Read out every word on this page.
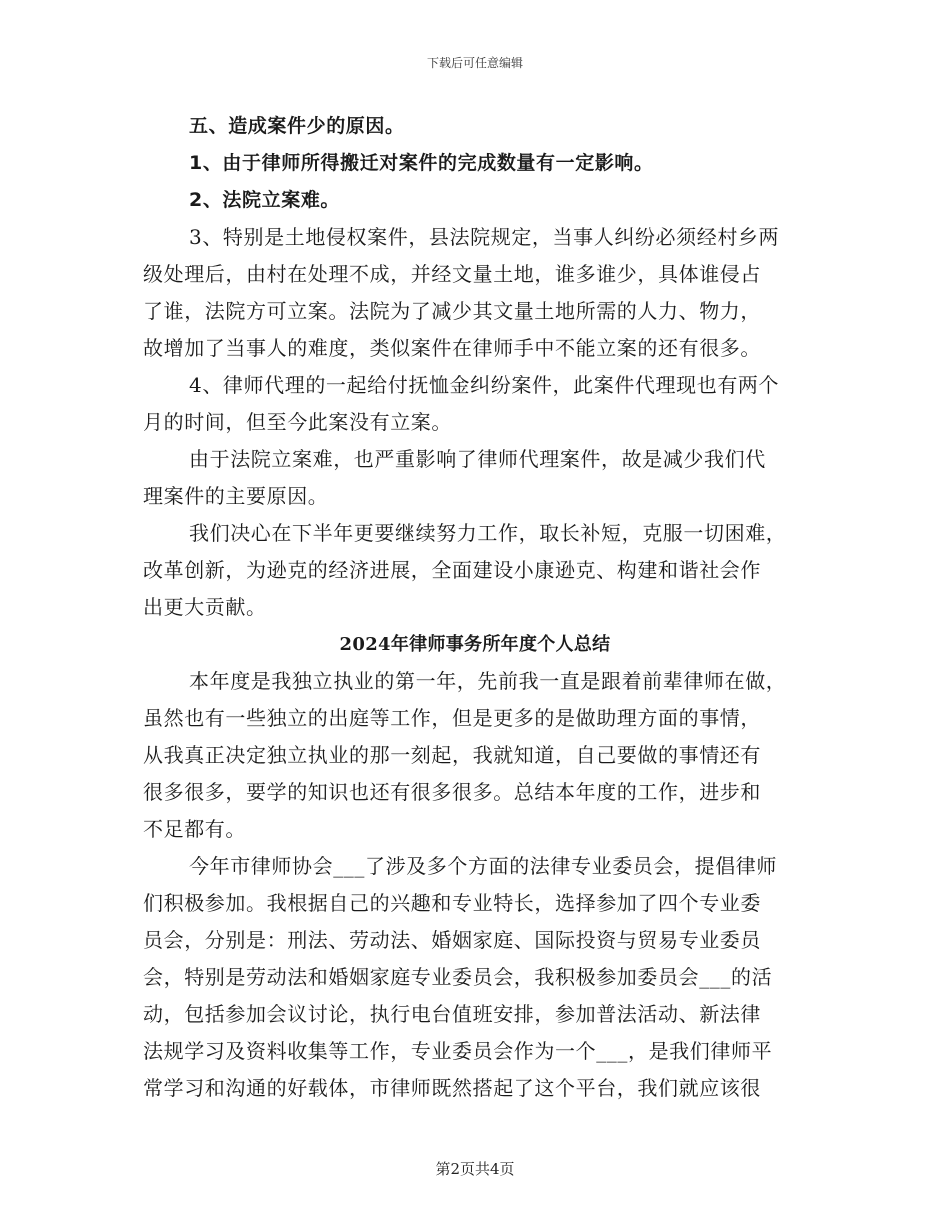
下载后可任意编辑
五、造成案件少的原因。
1、由于律师所得搬迁对案件的完成数量有一定影响。
2、法院立案难。
3、特别是土地侵权案件，县法院规定，当事人纠纷必须经村乡两
级处理后，由村在处理不成，并经文量土地，谁多谁少，具体谁侵占
了谁，法院方可立案。法院为了减少其文量土地所需的人力、物力，
故增加了当事人的难度，类似案件在律师手中不能立案的还有很多。
4、律师代理的一起给付抚恤金纠纷案件，此案件代理现也有两个
月的时间，但至今此案没有立案。
由于法院立案难，也严重影响了律师代理案件，故是减少我们代
理案件的主要原因。
我们决心在下半年更要继续努力工作，取长补短，克服一切困难，
改革创新，为逊克的经济进展，全面建设小康逊克、构建和谐社会作
出更大贡献。
2024年律师事务所年度个人总结
本年度是我独立执业的第一年，先前我一直是跟着前辈律师在做，
虽然也有一些独立的出庭等工作，但是更多的是做助理方面的事情，
从我真正决定独立执业的那一刻起，我就知道，自己要做的事情还有
很多很多，要学的知识也还有很多很多。总结本年度的工作，进步和
不足都有。
今年市律师协会___了涉及多个方面的法律专业委员会，提倡律师
们积极参加。我根据自己的兴趣和专业特长，选择参加了四个专业委
员会，分别是：刑法、劳动法、婚姻家庭、国际投资与贸易专业委员
会，特别是劳动法和婚姻家庭专业委员会，我积极参加委员会___的活
动，包括参加会议讨论，执行电台值班安排，参加普法活动、新法律
法规学习及资料收集等工作，专业委员会作为一个___，是我们律师平
常学习和沟通的好载体，市律师既然搭起了这个平台，我们就应该很
第2页共4页
